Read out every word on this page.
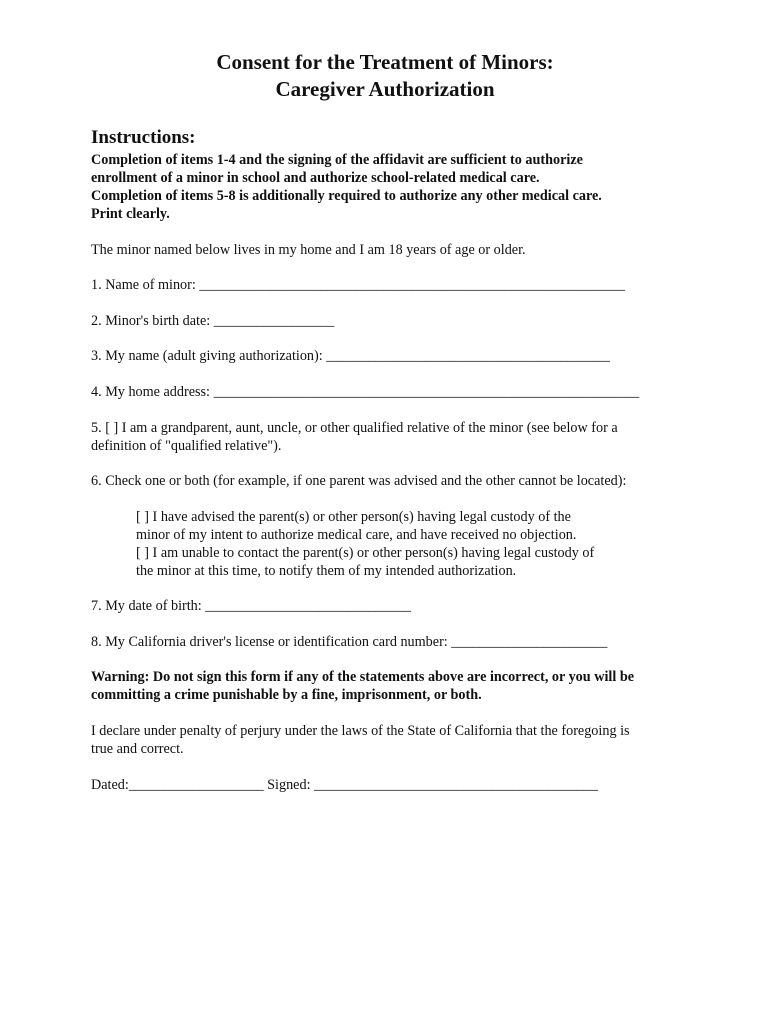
Consent for the Treatment of Minors:
Caregiver Authorization
Instructions:
Completion of items 1-4 and the signing of the affidavit are sufficient to authorize
enrollment of a minor in school and authorize school-related medical care.
Completion of items 5-8 is additionally required to authorize any other medical care.
Print clearly.

The minor named below lives in my home and I am 18 years of age or older.

1. Name of minor: ____________________________________________________________

2. Minor's birth date: _________________

3. My name (adult giving authorization): ________________________________________

4. My home address: ____________________________________________________________

5. [ ] I am a grandparent, aunt, uncle, or other qualified relative of the minor (see below for a
definition of "qualified relative").

6. Check one or both (for example, if one parent was advised and the other cannot be located):

[ ] I have advised the parent(s) or other person(s) having legal custody of the
minor of my intent to authorize medical care, and have received no objection.
[ ] I am unable to contact the parent(s) or other person(s) having legal custody of
the minor at this time, to notify them of my intended authorization.

7. My date of birth: _____________________________

8. My California driver's license or identification card number: ______________________

Warning: Do not sign this form if any of the statements above are incorrect, or you will be
committing a crime punishable by a fine, imprisonment, or both.
I declare under penalty of perjury under the laws of the State of California that the foregoing is
true and correct.

Dated:___________________ Signed: ________________________________________
